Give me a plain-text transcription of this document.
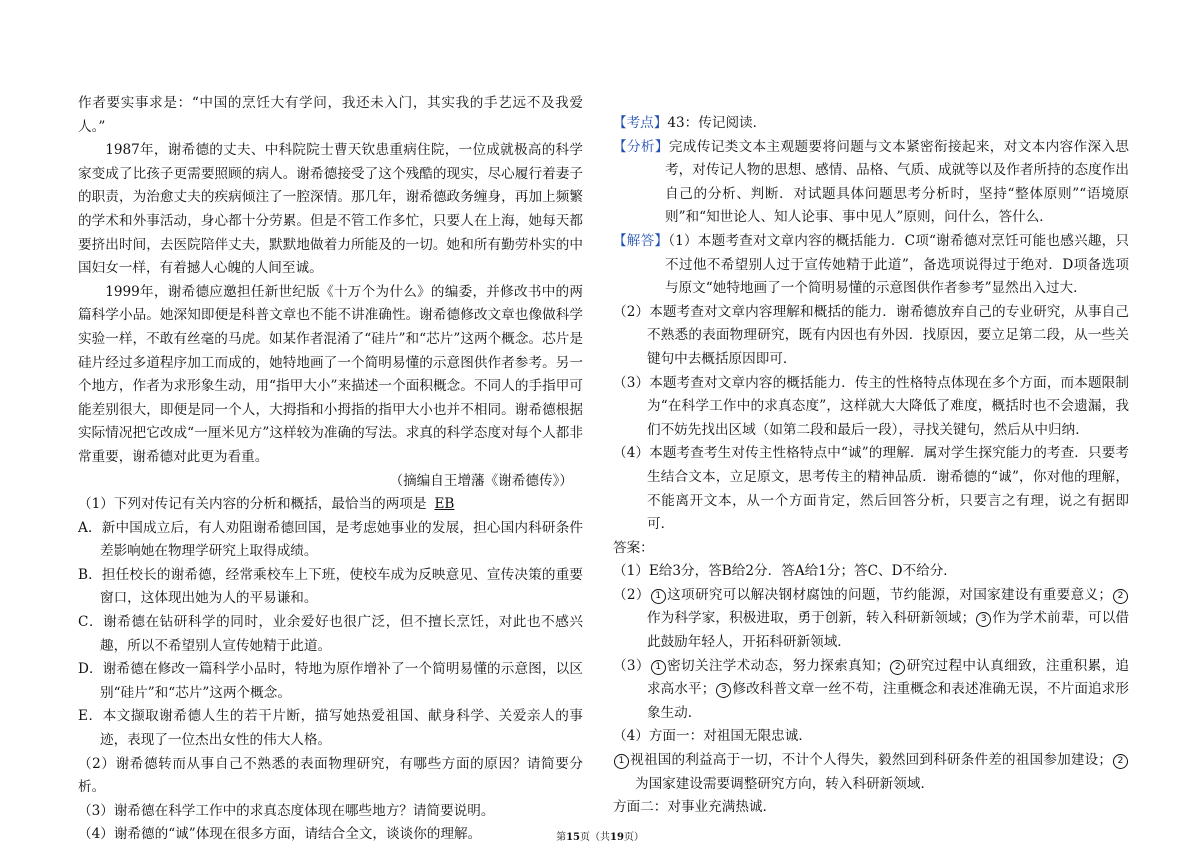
作者要实事求是：“中国的烹饪大有学问，我还未入门，其实我的手艺远不及我爱人。”

1987年，谢希德的丈夫、中科院院士曹天钦患重病住院，一位成就极高的科学家变成了比孩子更需要照顾的病人。谢希德接受了这个残酷的现实，尽心履行着妻子的职责，为治愈丈夫的疾病倾注了一腔深情。那几年，谢希德政务缠身，再加上频繁的学术和外事活动，身心都十分劳累。但是不管工作多忙，只要人在上海，她每天都要挤出时间，去医院陪伴丈夫，默默地做着力所能及的一切。她和所有勤劳朴实的中国妇女一样，有着撼人心魄的人间至诚。

1999年，谢希德应邀担任新世纪版《十万个为什么》的编委，并修改书中的两篇科学小品。她深知即便是科普文章也不能不讲准确性。谢希德修改文章也像做科学实验一样，不敢有丝毫的马虎。如某作者混淆了“硅片”和“芯片”这两个概念。芯片是硅片经过多道程序加工而成的，她特地画了一个简明易懂的示意图供作者参考。另一个地方，作者为求形象生动，用“指甲大小”来描述一个面积概念。不同人的手指甲可能差别很大，即便是同一个人，大拇指和小拇指的指甲大小也并不相同。谢希德根据实际情况把它改成“一厘米见方”这样较为准确的写法。求真的科学态度对每个人都非常重要，谢希德对此更为看重。

（摘编自王增藩《谢希德传》）

（1）下列对传记有关内容的分析和概括，最恰当的两项是 EB

A．新中国成立后，有人劝阻谢希德回国，是考虑她事业的发展，担心国内科研条件差影响她在物理学研究上取得成绩。

B．担任校长的谢希德，经常乘校车上下班，使校车成为反映意见、宣传决策的重要窗口，这体现出她为人的平易谦和。

C．谢希德在钻研科学的同时，业余爱好也很广泛，但不擅长烹饪，对此也不感兴趣，所以不希望别人宣传她精于此道。

D．谢希德在修改一篇科学小品时，特地为原作增补了一个简明易懂的示意图，以区别“硅片”和“芯片”这两个概念。

E．本文撷取谢希德人生的若干片断，描写她热爱祖国、献身科学、关爱亲人的事迹，表现了一位杰出女性的伟大人格。

（2）谢希德转而从事自己不熟悉的表面物理研究，有哪些方面的原因？请简要分析。

（3）谢希德在科学工作中的求真态度体现在哪些地方？请简要说明。

（4）谢希德的“诚”体现在很多方面，请结合全文，谈谈你的理解。

【考点】43：传记阅读．

【分析】完成传记类文本主观题要将问题与文本紧密衔接起来，对文本内容作深入思考，对传记人物的思想、感情、品格、气质、成就等以及作者所持的态度作出自己的分析、判断．对试题具体问题思考分析时，坚持“整体原则”“语境原则”和“知世论人、知人论事、事中见人”原则，问什么，答什么．

【解答】（1）本题考查对文章内容的概括能力．C项“谢希德对烹饪可能也感兴趣，只不过他不希望别人过于宣传她精于此道”，备选项说得过于绝对．D项备选项与原文“她特地画了一个简明易懂的示意图供作者参考”显然出入过大．

（2）本题考查对文章内容理解和概括的能力．谢希德放弃自己的专业研究，从事自己不熟悉的表面物理研究，既有内因也有外因．找原因，要立足第二段，从一些关键句中去概括原因即可．

（3）本题考查对文章内容的概括能力．传主的性格特点体现在多个方面，而本题限制为“在科学工作中的求真态度”，这样就大大降低了难度，概括时也不会遗漏，我们不妨先找出区域（如第二段和最后一段），寻找关键句，然后从中归纳．

（4）本题考查考生对传主性格特点中“诚”的理解．属对学生探究能力的考查．只要考生结合文本，立足原文，思考传主的精神品质．谢希德的“诚”，你对他的理解，不能离开文本，从一个方面肯定，然后回答分析，只要言之有理，说之有据即可．

答案：

（1）E给3分，答B给2分．答A给1分；答C、D不给分．

（2） 1 这项研究可以解决钢材腐蚀的问题，节约能源，对国家建设有重要意义； 2作为科学家，积极进取，勇于创新，转入科研新领域； 3 作为学术前辈，可以借此鼓励年轻人，开拓科研新领域．

（3） 1 密切关注学术动态，努力探索真知； 2 研究过程中认真细致，注重积累，追求高水平； 3 修改科普文章一丝不苟，注重概念和表述准确无误，不片面追求形象生动．

（4）方面一：对祖国无限忠诚．

1 视祖国的利益高于一切，不计个人得失，毅然回到科研条件差的祖国参加建设； 2为国家建设需要调整研究方向，转入科研新领域．

方面二：对事业充满热诚．

第15页（共19页）
